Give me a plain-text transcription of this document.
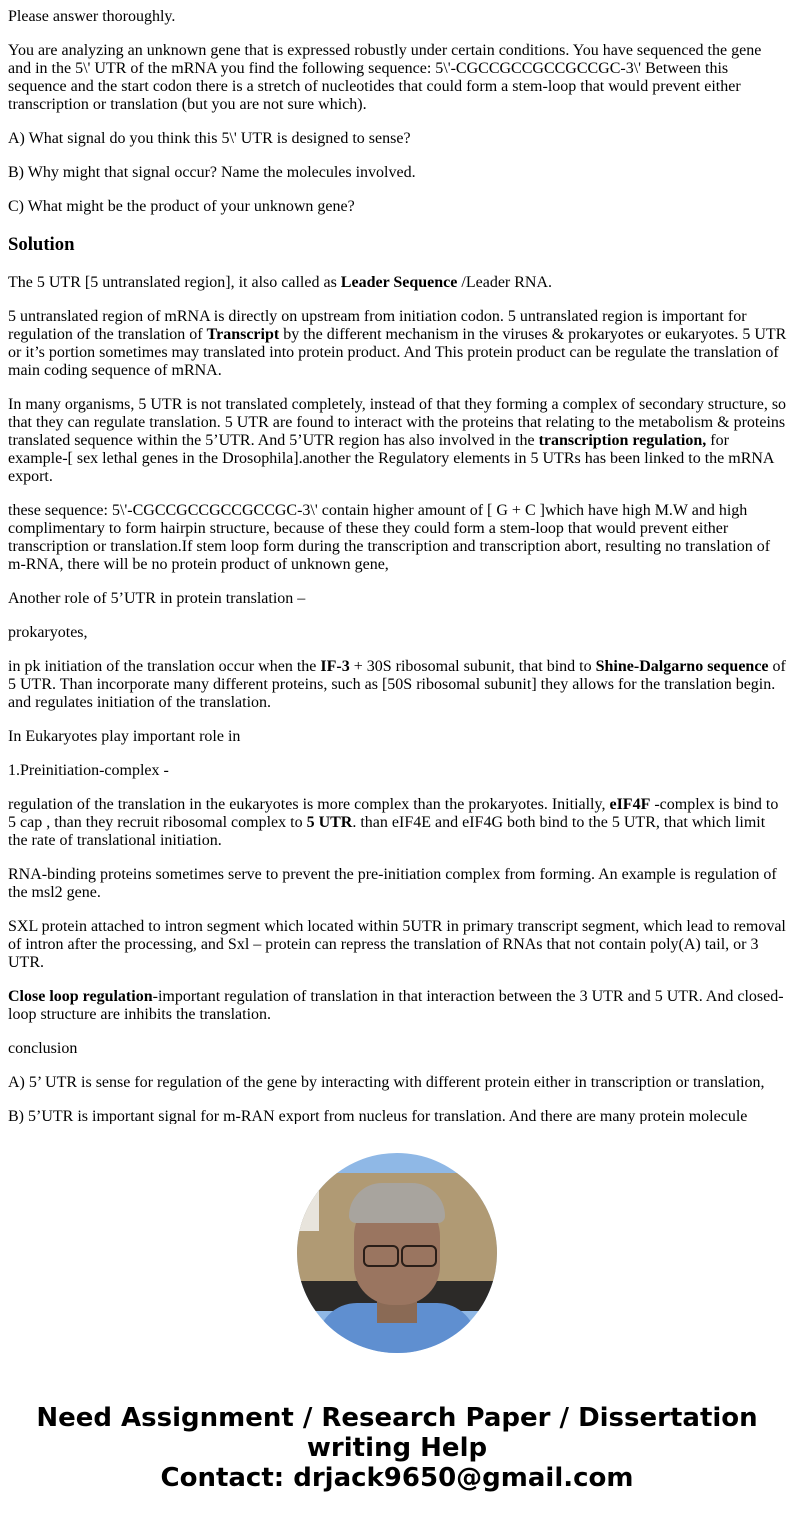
Please answer thoroughly.

You are analyzing an unknown gene that is expressed robustly under certain conditions. You have sequenced the gene and in the 5\' UTR of the mRNA you find the following sequence: 5\'-CGCCGCCGCCGCCGC-3\' Between this sequence and the start codon there is a stretch of nucleotides that could form a stem-loop that would prevent either transcription or translation (but you are not sure which).

A) What signal do you think this 5\' UTR is designed to sense?

B) Why might that signal occur? Name the molecules involved.

C) What might be the product of your unknown gene?

Solution

The 5 UTR [5 untranslated region], it also called as Leader Sequence /Leader RNA.

5 untranslated region of mRNA is directly on upstream from initiation codon. 5 untranslated region is important for regulation of the translation of Transcript by the different mechanism in the viruses & prokaryotes or eukaryotes. 5 UTR or it’s portion sometimes may translated into protein product. And This protein product can be regulate the translation of main coding sequence of mRNA.

In many organisms, 5 UTR is not translated completely, instead of that they forming a complex of secondary structure, so that they can regulate translation. 5 UTR are found to interact with the proteins that relating to the metabolism & proteins translated sequence within the 5’UTR. And 5’UTR region has also involved in the transcription regulation, for example-[ sex lethal genes in the Drosophila].another the Regulatory elements in 5 UTRs has been linked to the mRNA export.

these sequence: 5\'-CGCCGCCGCCGCCGC-3\' contain higher amount of [ G + C ]which have high M.W and high complimentary to form hairpin structure, because of these they could form a stem-loop that would prevent either transcription or translation.If stem loop form during the transcription and transcription abort, resulting no translation of m-RNA, there will be no protein product of unknown gene,

Another role of 5’UTR in protein translation –

prokaryotes,

in pk initiation of the translation occur when the IF-3 + 30S ribosomal subunit, that bind to Shine-Dalgarno sequence of 5 UTR. Than incorporate many different proteins, such as [50S ribosomal subunit] they allows for the translation begin. and regulates initiation of the translation.

In Eukaryotes play important role in

1.Preinitiation-complex -

regulation of the translation in the eukaryotes is more complex than the prokaryotes. Initially, eIF4F -complex is bind to 5 cap , than they recruit ribosomal complex to 5 UTR. than eIF4E and eIF4G both bind to the 5 UTR, that which limit the rate of translational initiation.

RNA-binding proteins sometimes serve to prevent the pre-initiation complex from forming. An example is regulation of the msl2 gene.

SXL protein attached to intron segment which located within 5UTR in primary transcript segment, which lead to removal of intron after the processing, and Sxl – protein can repress the translation of RNAs that not contain poly(A) tail, or 3 UTR.

Close loop regulation-important regulation of translation in that interaction between the 3 UTR and 5 UTR. And closed-loop structure are inhibits the translation.

conclusion

A) 5’ UTR is sense for regulation of the gene by interacting with different protein either in transcription or translation,

B) 5’UTR is important signal for m-RAN export from nucleus for translation. And there are many protein molecule

Need Assignment / Research Paper / Dissertation writing Help
Contact: drjack9650@gmail.com
